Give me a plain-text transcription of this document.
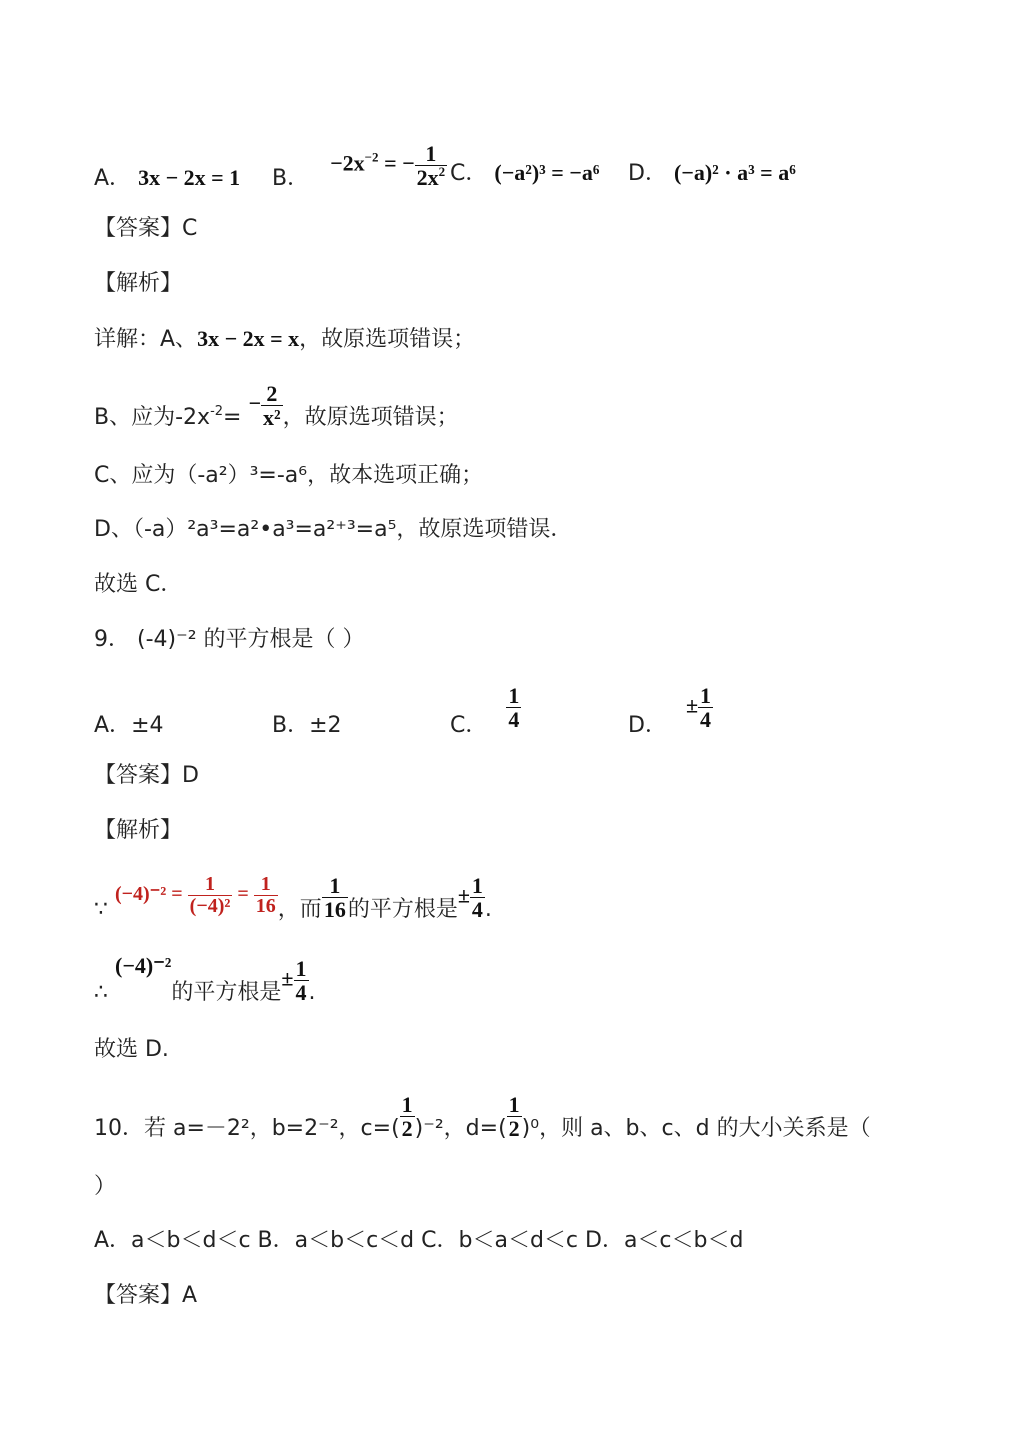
A． 3x − 2x = 1 B． $-2x^{-2}$ = − $\frac{1}{2x^2}$ C． (−a²)³ = −a⁶ D． (−a)² · a³ = a⁶
【答案】C
【解析】
详解：A、3x − 2x = x，故原选项错误；
B、应为$-2x^{-2}= - \frac{2}{\text{x²}}$ ，故原选项错误；
C、应为（-a²）³=-a⁶，故本选项正确；
D、（-a）²a³=a²•a³=a²⁺³=a⁵，故原选项错误．
故选 C．
9． (-4)⁻² 的平方根是（ ）
A．±4	B．±2	C． $\frac{1}{4}$	D． ± $\frac{1}{4}$
【答案】D
【解析】
∵ $(-4)^{-2} = \frac{1}{\text{(−4)²}} = \frac{1}{16}$ ，而 $\frac{1}{16}$ 的平方根是± $\frac{1}{4}$ .
∴ (−4)⁻²的平方根是± $\frac{1}{4}$ .
故选 D.
10．若 a=－2²，b=2⁻²，$c=( \frac{1}{2} )^{-2}$，$d=( \frac{1}{2} )^0$，则 a、b、c、d 的大小关系是（
）
A．a＜b＜d＜c B．a＜b＜c＜d C．b＜a＜d＜c D．a＜c＜b＜d
【答案】A
